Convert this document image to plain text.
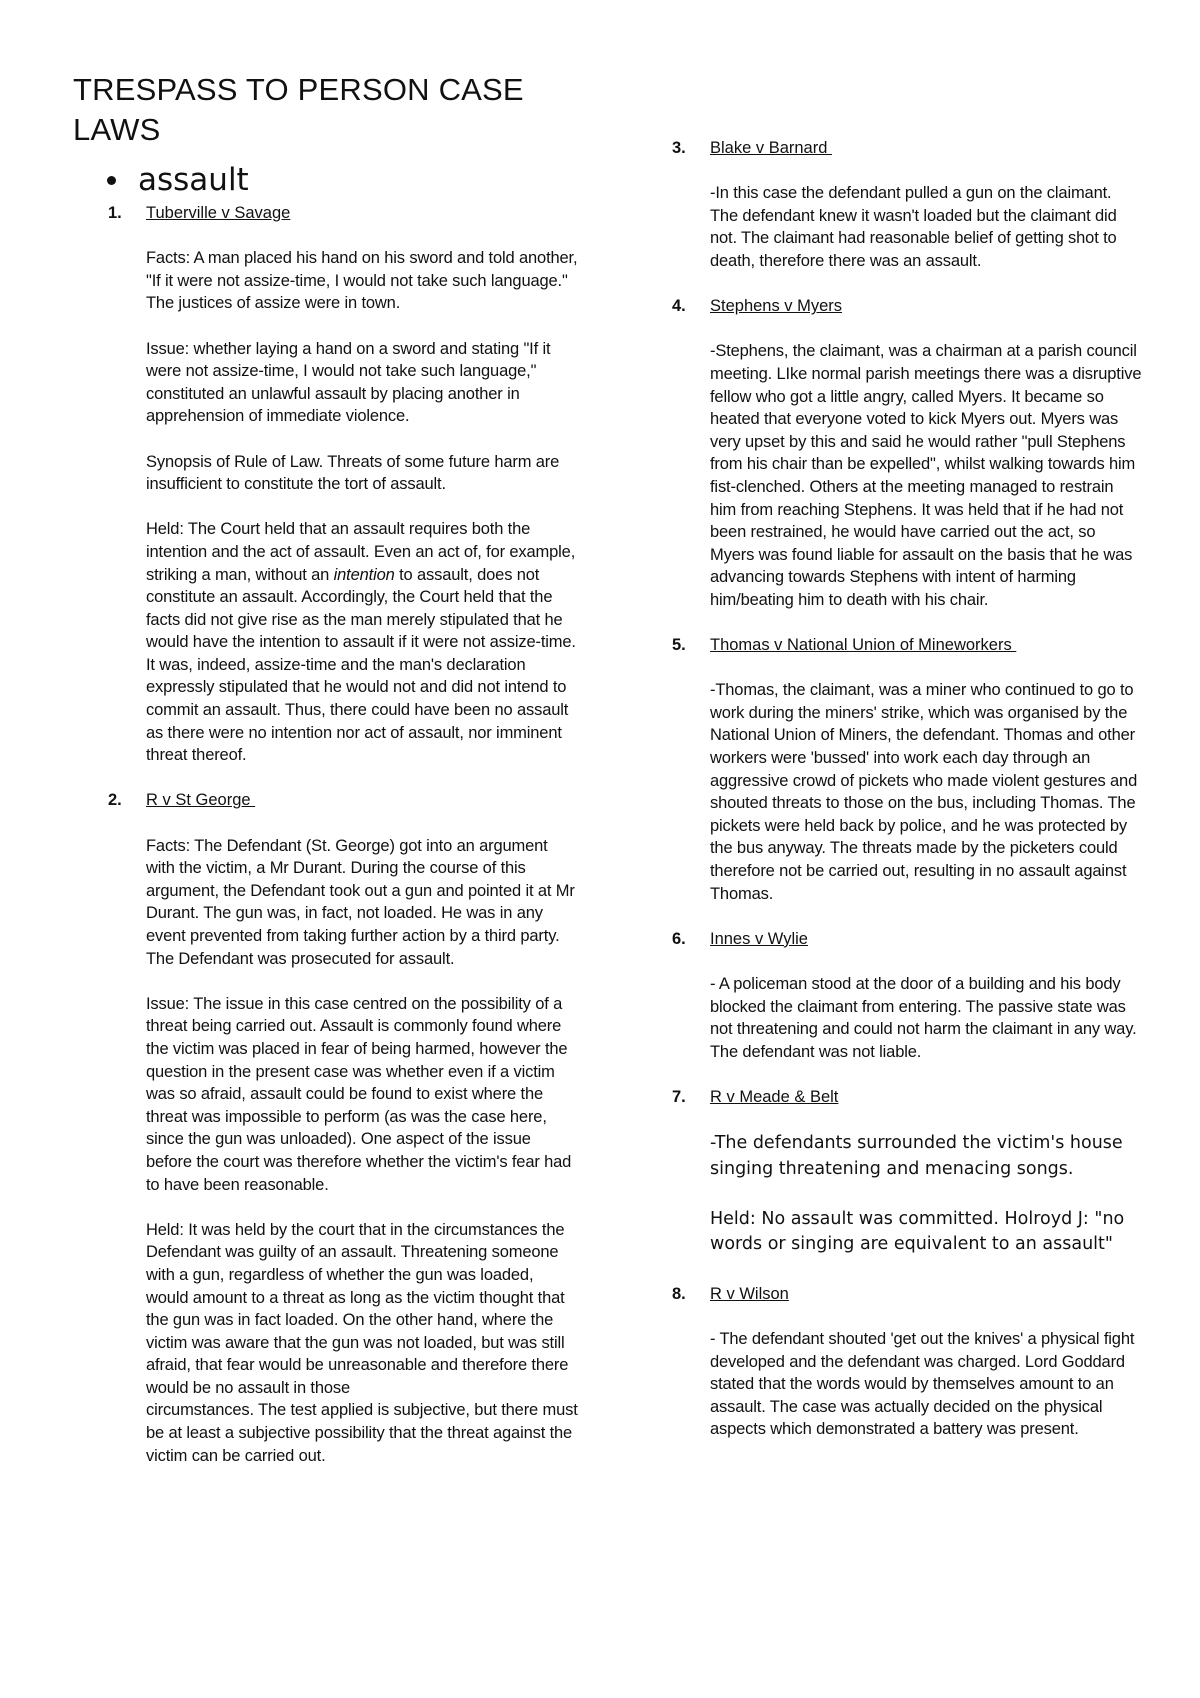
TRESPASS TO PERSON CASE LAWS
assault
1. Tuberville v Savage
Facts: A man placed his hand on his sword and told another, "If it were not assize-time, I would not take such language." The justices of assize were in town.
Issue: whether laying a hand on a sword and stating "If it were not assize-time, I would not take such language," constituted an unlawful assault by placing another in apprehension of immediate violence.
Synopsis of Rule of Law. Threats of some future harm are insufficient to constitute the tort of assault.
Held: The Court held that an assault requires both the intention and the act of assault. Even an act of, for example, striking a man, without an intention to assault, does not constitute an assault. Accordingly, the Court held that the facts did not give rise as the man merely stipulated that he would have the intention to assault if it were not assize-time. It was, indeed, assize-time and the man's declaration expressly stipulated that he would not and did not intend to commit an assault. Thus, there could have been no assault as there were no intention nor act of assault, nor imminent threat thereof.
2. R v St George
Facts: The Defendant (St. George) got into an argument with the victim, a Mr Durant. During the course of this argument, the Defendant took out a gun and pointed it at Mr Durant. The gun was, in fact, not loaded. He was in any event prevented from taking further action by a third party. The Defendant was prosecuted for assault.
Issue: The issue in this case centred on the possibility of a threat being carried out. Assault is commonly found where the victim was placed in fear of being harmed, however the question in the present case was whether even if a victim was so afraid, assault could be found to exist where the threat was impossible to perform (as was the case here, since the gun was unloaded). One aspect of the issue before the court was therefore whether the victim's fear had to have been reasonable.
Held: It was held by the court that in the circumstances the Defendant was guilty of an assault. Threatening someone with a gun, regardless of whether the gun was loaded, would amount to a threat as long as the victim thought that the gun was in fact loaded. On the other hand, where the victim was aware that the gun was not loaded, but was still afraid, that fear would be unreasonable and therefore there would be no assault in those
circumstances. The test applied is subjective, but there must be at least a subjective possibility that the threat against the victim can be carried out.
3. Blake v Barnard
-In this case the defendant pulled a gun on the claimant. The defendant knew it wasn't loaded but the claimant did not. The claimant had reasonable belief of getting shot to death, therefore there was an assault.
4. Stephens v Myers
-Stephens, the claimant, was a chairman at a parish council meeting. LIke normal parish meetings there was a disruptive fellow who got a little angry, called Myers. It became so heated that everyone voted to kick Myers out. Myers was very upset by this and said he would rather "pull Stephens from his chair than be expelled", whilst walking towards him fist-clenched. Others at the meeting managed to restrain him from reaching Stephens. It was held that if he had not been restrained, he would have carried out the act, so Myers was found liable for assault on the basis that he was advancing towards Stephens with intent of harming him/beating him to death with his chair.
5. Thomas v National Union of Mineworkers
-Thomas, the claimant, was a miner who continued to go to work during the miners' strike, which was organised by the National Union of Miners, the defendant. Thomas and other workers were 'bussed' into work each day through an aggressive crowd of pickets who made violent gestures and shouted threats to those on the bus, including Thomas. The pickets were held back by police, and he was protected by the bus anyway. The threats made by the picketers could therefore not be carried out, resulting in no assault against Thomas.
6. Innes v Wylie
- A policeman stood at the door of a building and his body blocked the claimant from entering. The passive state was not threatening and could not harm the claimant in any way. The defendant was not liable.
7. R v Meade & Belt
-The defendants surrounded the victim's house singing threatening and menacing songs.
Held: No assault was committed. Holroyd J: "no words or singing are equivalent to an assault"
8. R v Wilson
- The defendant shouted 'get out the knives' a physical fight developed and the defendant was charged. Lord Goddard stated that the words would by themselves amount to an assault. The case was actually decided on the physical aspects which demonstrated a battery was present.
